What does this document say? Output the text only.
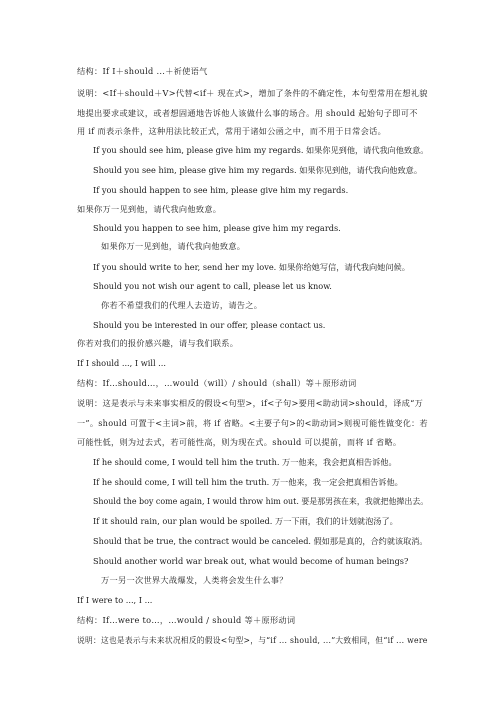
结构：If I＋should ...＋祈使语气
说明：<If＋should＋V>代替<if＋ 现在式>，增加了条件的不确定性，本句型常用在想礼貌
地提出要求或建议，或者想固通地告诉他人该做什么事的场合。用 should 起始句子即可不
用 if 而表示条件，这种用法比较正式，常用于诸如公函之中，而不用于日常会话。
If you should see him, please give him my regards. 如果你见到他，请代我向他致意。
Should you see him, please give him my regards. 如果你见到他，请代我向他致意。
If you should happen to see him, please give him my regards.
如果你万一见到他，请代我向他致意。
Should you happen to see him, please give him my regards.
如果你万一见到他，请代我向他致意。
If you should write to her, send her my love. 如果你给她写信，请代我向她问候。
Should you not wish our agent to call, please let us know.
你若不希望我们的代理人去造访，请告之。
Should you be interested in our offer, please contact us.
你若对我们的报价感兴趣，请与我们联系。
If I should ..., I will ...
结构：If…should…，…would（will）/ should（shall）等＋原形动词
说明：这是表示与未来事实相反的假设<句型>，if<子句>要用<助动词>should，译成“万
一”。should 可置于<主词>前，将 if 省略。<主要子句>的<助动词>则视可能性做变化：若
可能性低，则为过去式，若可能性高，则为现在式。should 可以提前，而将 if 省略。
If he should come, I would tell him the truth. 万一他来，我会把真相告诉他。
If he should come, I will tell him the truth. 万一他来，我一定会把真相告诉他。
Should the boy come again, I would throw him out. 要是那男孩在来，我就把他撵出去。
If it should rain, our plan would be spoiled. 万一下雨，我们的计划就泡汤了。
Should that be true, the contract would be canceled. 假如那是真的，合约就该取消。
Should another world war break out, what would become of human beings?
万一另一次世界大战爆发，人类将会发生什么事？
If I were to ..., I ...
结构：If…were to…，…would / should 等＋原形动词
说明：这也是表示与未来状况相反的假设<句型>，与“if ... should, ...”大致相同，但“if ... were
